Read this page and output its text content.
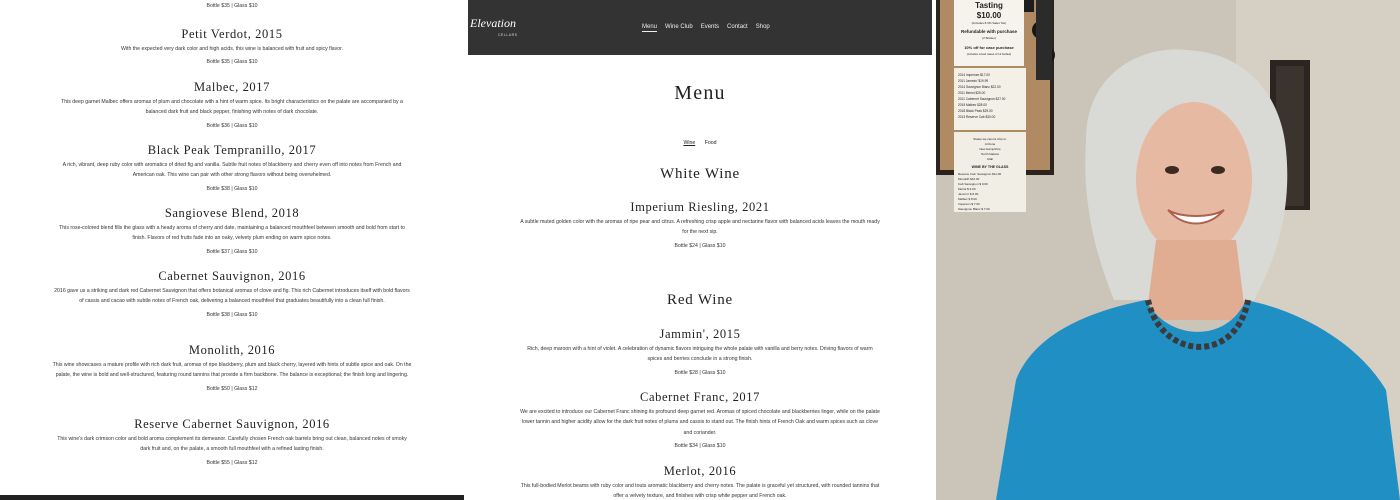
Bottle $35 | Glass $10
Petit Verdot, 2015
With the expected very dark color and high acids, this wine is balanced with fruit and spicy flavor.
Bottle $35 | Glass $10
Malbec, 2017
This deep garnet Malbec offers aromas of plum and chocolate with a hint of warm spice. Its bright characteristics on the palate are accompanied by a balanced dark fruit and black pepper, finishing with notes of dark chocolate.
Bottle $36 | Glass $10
Black Peak Tempranillo, 2017
A rich, vibrant, deep ruby color with aromatics of dried fig and vanilla. Subtle fruit notes of blackberry and cherry even off into notes from French and American oak. This wine can pair with other strong flavors without being overwhelmed.
Bottle $38 | Glass $10
Sangiovese Blend, 2018
This rose-colored blend fills the glass with a heady aroma of cherry and date, maintaining a balanced mouthfeel between smooth and bold from start to finish. Flavors of red fruits fade into an oaky, velvety plum ending on warm spice notes.
Bottle $37 | Glass $10
Cabernet Sauvignon, 2016
2016 gave us a striking and dark red Cabernet Sauvignon that offers botanical aromas of clove and fig. This rich Cabernet introduces itself with bold flavors of cassis and cacao with subtle notes of French oak, delivering a balanced mouthfeel that graduates beautifully into a clean full finish.
Bottle $38 | Glass $10
Monolith, 2016
This wine showcases a mature profile with rich dark fruit, aromas of ripe blackberry, plum and black cherry, layered with hints of subtle spice and oak. On the palate, the wine is bold and well-structured, featuring round tannins that provide a firm backbone. The balance is exceptional; the finish long and lingering.
Bottle $50 | Glass $12
Reserve Cabernet Sauvignon, 2016
This wine's dark crimson color and bold aroma complement its demeanor. Carefully chosen French oak barrels bring out clean, balanced notes of smoky dark fruit and, on the palate, a smooth full mouthfeel with a refined lasting finish.
Bottle $55 | Glass $12
Elevation
CELLARS
Menu Wine Club Events Contact Shop
Menu
Wine Food
White Wine
Imperium Riesling, 2021
A subtle muted golden color with the aromas of ripe pear and citrus. A refreshing crisp apple and nectarine flavor with balanced acids leaves the mouth ready for the next sip.
Bottle $24 | Glass $10
Red Wine
Jammin', 2015
Rich, deep maroon with a hint of violet. A celebration of dynamic flavors intriguing the whole palate with vanilla and berry notes. Driving flavors of warm spices and berries conclude in a strong finish.
Bottle $28 | Glass $10
Cabernet Franc, 2017
We are excited to introduce our Cabernet Franc shining its profound deep garnet red. Aromas of spiced chocolate and blackberries linger, while on the palate lower tannin and higher acidity allow for the dark fruit notes of plums and cassis to stand out. The finish hints of French Oak and warm spices such as clove and coriander.
Bottle $34 | Glass $10
Merlot, 2016
This full-bodied Merlot beams with ruby color and touts aromatic blackberry and cherry notes. The palate is graceful yet structured, with rounded tannins that offer a velvety texture, and finishes with crisp white pepper and French oak.
Tasting
$10.00
(Includes 8.3% Sales Tax)
Refundable with purchase
(2 Bottles)
10% off for case purchase
(includes mixed cases of 12 bottles)
2014 Imperium $17.00
2011 Jammin' $19.99
2014 Sauvignon Blanc $22.00
2011 Merlot $25.00
2011 Cabernet Sauvignon $27.00
2015 Malbec $28.00
2018 Black Peak $29.00
2013 Reserve Cab $30.00
States we cannot ship to:
Arizona
New Hampshire
North Dakota
Utah
WINE BY THE GLASS
Reserve Cab. Sauvignon $11.00
Monolith $10.00
Cab Sauvignon $ 9.00
Merlot $ 9.00
Jammin' $ 8.00
Malbec $ 8.00
Imperium $ 7.00
Sauvignon Blanc $ 7.00
